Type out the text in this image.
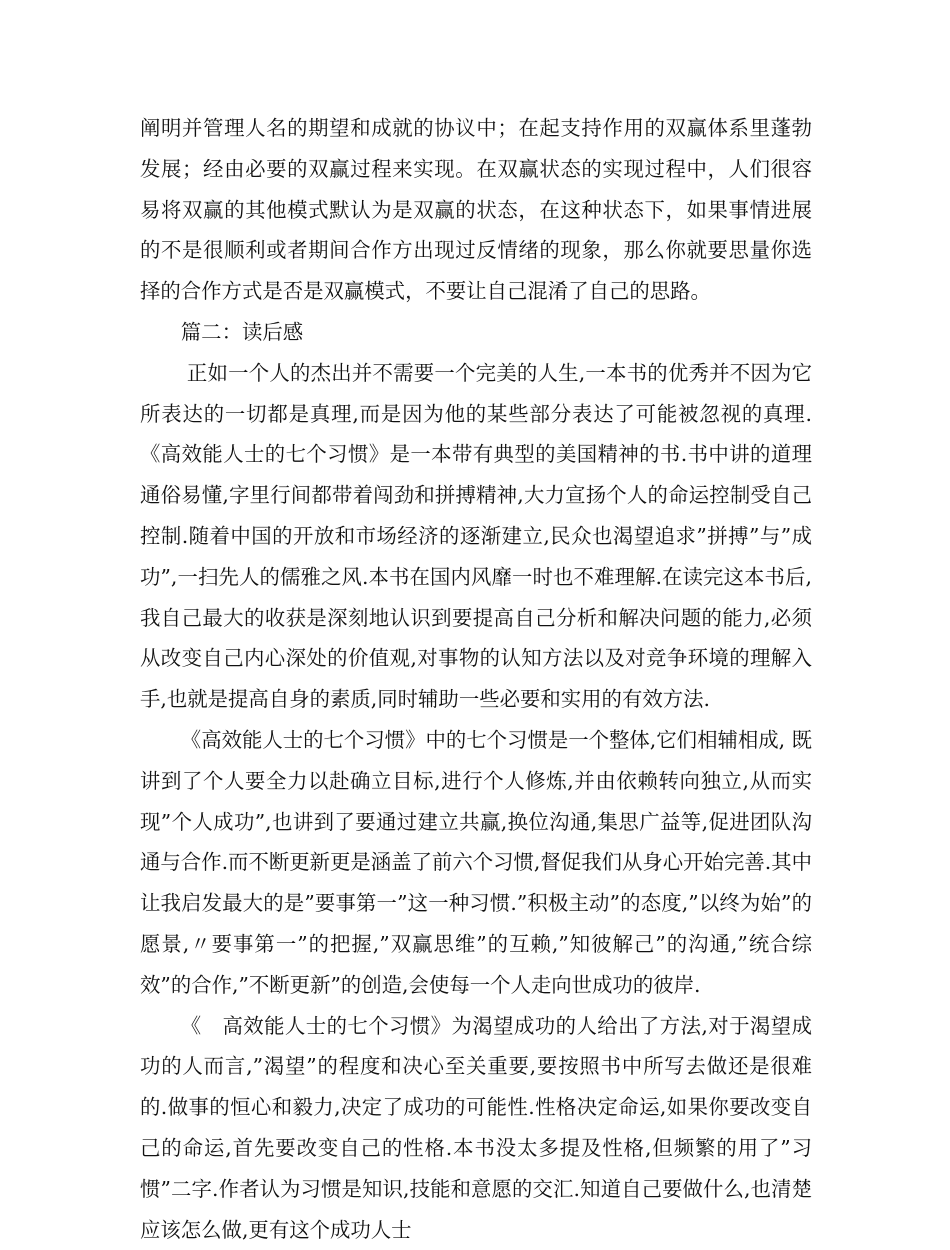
阐明并管理人名的期望和成就的协议中；在起支持作用的双赢体系里蓬勃发展；经由必要的双赢过程来实现。在双赢状态的实现过程中，人们很容易将双赢的其他模式默认为是双赢的状态，在这种状态下，如果事情进展的不是很顺利或者期间合作方出现过反情绪的现象，那么你就要思量你选择的合作方式是否是双赢模式，不要让自己混淆了自己的思路。

篇二：读后感

正如一个人的杰出并不需要一个完美的人生,一本书的优秀并不因为它所表达的一切都是真理,而是因为他的某些部分表达了可能被忽视的真理.《高效能人士的七个习惯》是一本带有典型的美国精神的书.书中讲的道理通俗易懂,字里行间都带着闯劲和拼搏精神,大力宣扬个人的命运控制受自己控制.随着中国的开放和市场经济的逐渐建立,民众也渴望追求”拼搏”与”成功”,一扫先人的儒雅之风.本书在国内风靡一时也不难理解.在读完这本书后,我自己最大的收获是深刻地认识到要提高自己分析和解决问题的能力,必须从改变自己内心深处的价值观,对事物的认知方法以及对竞争环境的理解入手,也就是提高自身的素质,同时辅助一些必要和实用的有效方法.

《高效能人士的七个习惯》中的七个习惯是一个整体,它们相辅相成, 既讲到了个人要全力以赴确立目标,进行个人修炼,并由依赖转向独立,从而实现”个人成功”,也讲到了要通过建立共赢,换位沟通,集思广益等,促进团队沟通与合作.而不断更新更是涵盖了前六个习惯,督促我们从身心开始完善.其中让我启发最大的是”要事第一”这一种习惯.”积极主动”的态度,”以终为始”的愿景,〃要事第一”的把握,”双赢思维”的互赖,”知彼解己”的沟通,”统合综效”的合作,”不断更新”的创造,会使每一个人走向世成功的彼岸.

《　高效能人士的七个习惯》为渴望成功的人给出了方法,对于渴望成功的人而言,”渴望”的程度和决心至关重要,要按照书中所写去做还是很难的.做事的恒心和毅力,决定了成功的可能性.性格决定命运,如果你要改变自己的命运,首先要改变自己的性格.本书没太多提及性格,但频繁的用了”习惯”二字.作者认为习惯是知识,技能和意愿的交汇.知道自己要做什么,也清楚应该怎么做,更有这个成功人士
